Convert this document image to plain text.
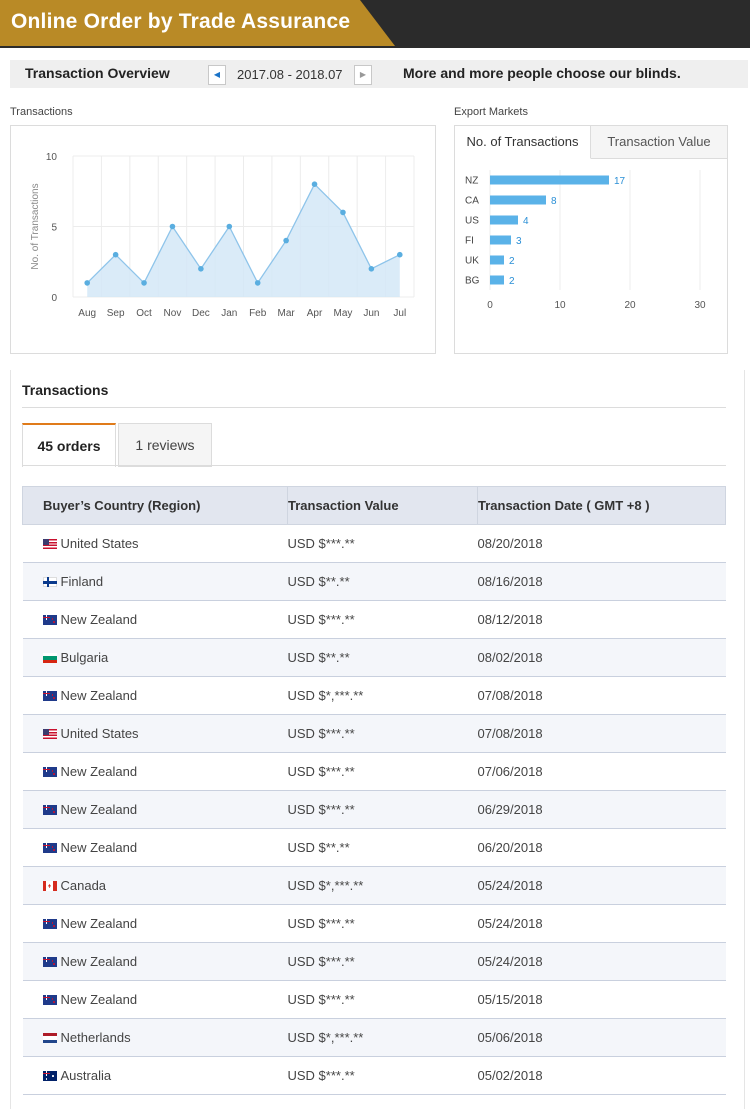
Online Order by Trade Assurance
Transaction Overview	◀	2017.08 - 2018.07	▶	More and more people choose our blinds.
Transactions
0
5
10
Aug Sep Oct Nov Dec Jan Feb Mar Apr May Jun Jul
No. of Transactions
Export Markets
No. of Transactions	Transaction Value
0	10	20	30
NZ	17
CA	8
US	4
FI	3
UK	2
BG	2
Transactions
45 orders	1 reviews
Buyer’s Country (Region)	Transaction Value	Transaction Date ( GMT +8 )

United States	USD $***.**	08/20/2018

Finland	USD $**.**	08/16/2018

New Zealand	USD $***.**	08/12/2018

Bulgaria	USD $**.**	08/02/2018

New Zealand	USD $*,***.**	07/08/2018

United States	USD $***.**	07/08/2018

New Zealand	USD $***.**	07/06/2018

New Zealand	USD $***.**	06/29/2018

New Zealand	USD $**.**	06/20/2018

Canada	USD $*,***.**	05/24/2018

New Zealand	USD $***.**	05/24/2018

New Zealand	USD $***.**	05/24/2018

New Zealand	USD $***.**	05/15/2018

Netherlands	USD $*,***.**	05/06/2018

Australia	USD $***.**	05/02/2018
